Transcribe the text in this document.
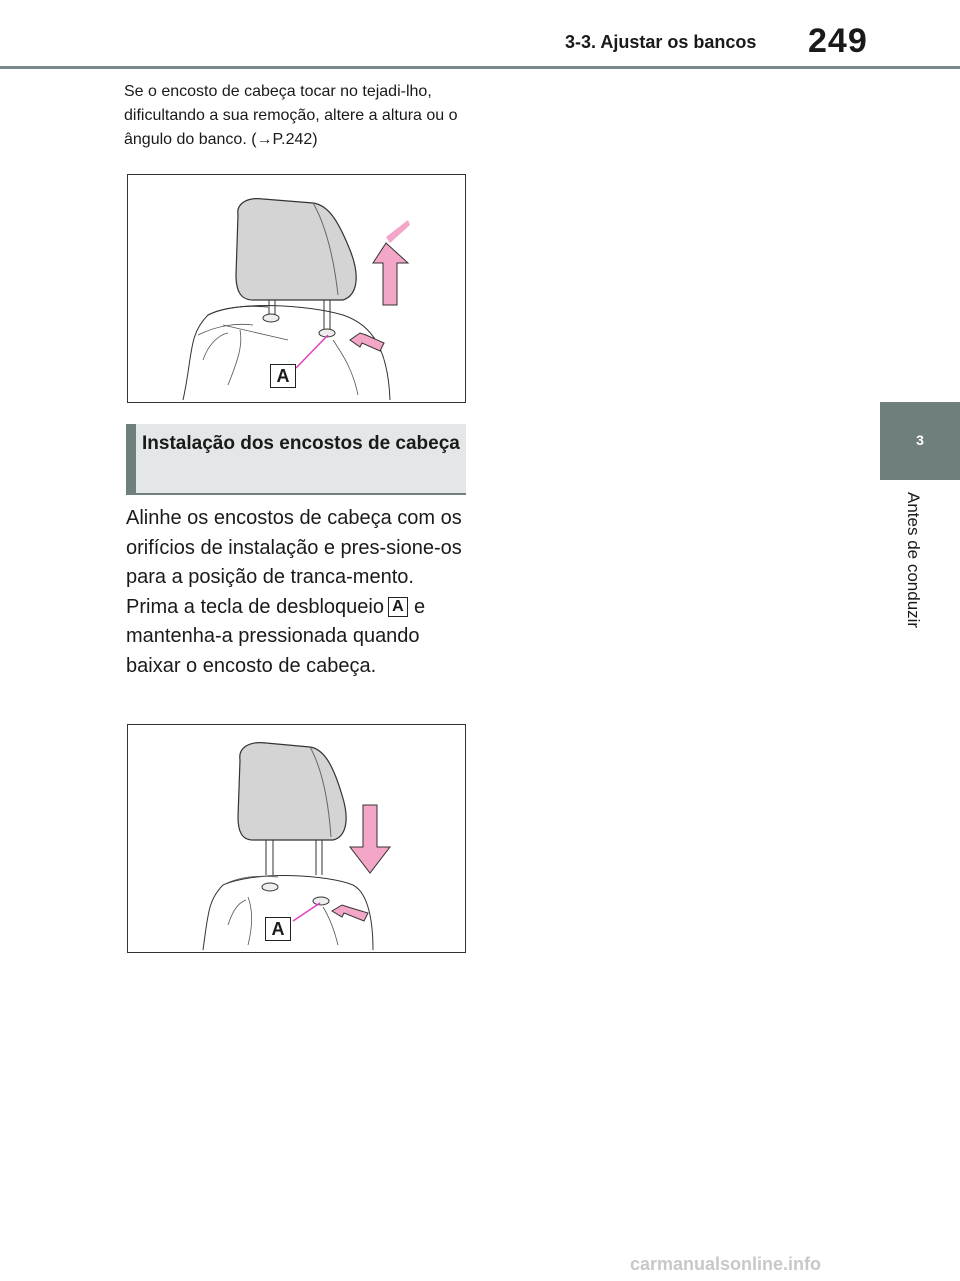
3-3. Ajustar os bancos 249
3
Antes de conduzir
Se o encosto de cabeça tocar no tejadi-lho, dificultando a sua remoção, altere a altura ou o ângulo do banco. (→P.242)
A
Instalação dos encostos de cabeça
Alinhe os encostos de cabeça com os orifícios de instalação e pres-sione-os para a posição de tranca-mento.
Prima a tecla de desbloqueio A e mantenha-a pressionada quando baixar o encosto de cabeça.
A
carmanualsonline.info
